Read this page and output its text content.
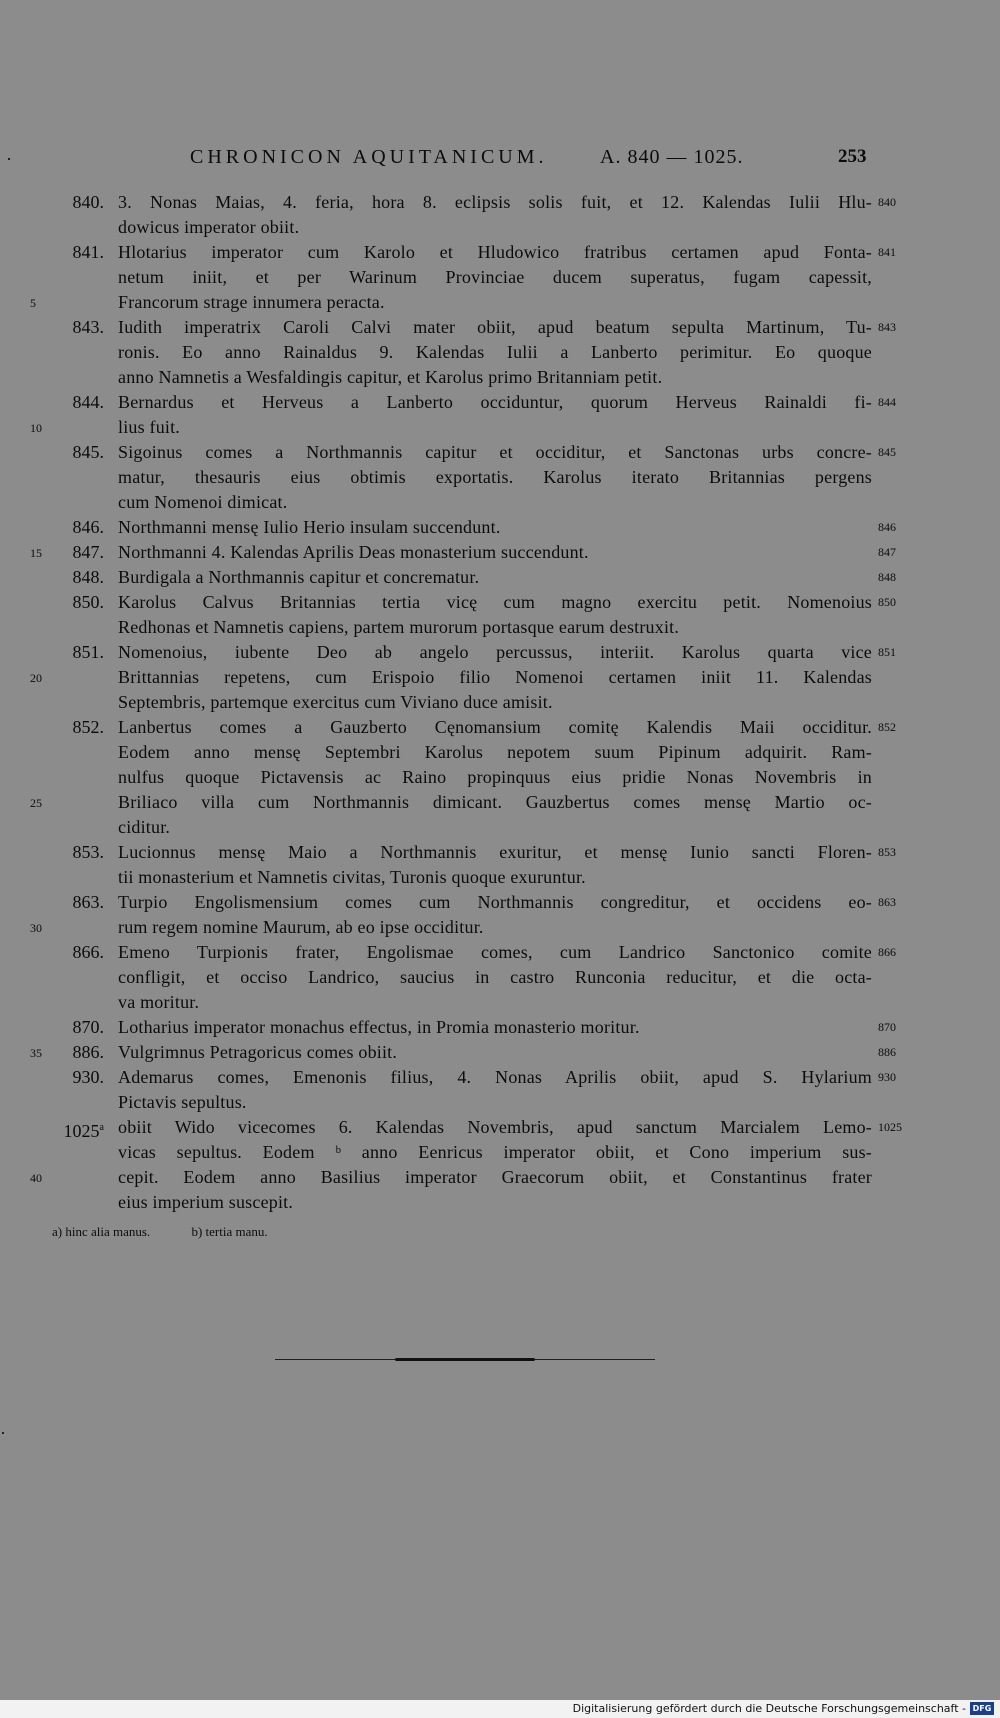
CHRONICON AQUITANICUM.	A. 840 — 1025.	253
840. 3. Nonas Maias, 4. feria, hora 8. eclipsis solis fuit, et 12. Kalendas Iulii Hlu-
dowicus imperator obiit.
840
841. Hlotarius imperator cum Karolo et Hludowico fratribus certamen apud Fonta-
netum iniit, et per Warinum Provinciae ducem superatus, fugam capessit,
Francorum strage innumera peracta.
841
843. Iudith imperatrix Caroli Calvi mater obiit, apud beatum sepulta Martinum, Tu-
ronis. Eo anno Rainaldus 9. Kalendas Iulii a Lanberto perimitur. Eo quoque
anno Namnetis a Wesfaldingis capitur, et Karolus primo Britanniam petit.
843
844. Bernardus et Herveus a Lanberto occiduntur, quorum Herveus Rainaldi fi-
lius fuit.
844
845. Sigoinus comes a Northmannis capitur et occiditur, et Sanctonas urbs concre-
matur, thesauris eius obtimis exportatis. Karolus iterato Britannias pergens
cum Nomenoi dimicat.
845
846. Northmanni mensę Iulio Herio insulam succendunt.	846
847. Northmanni 4. Kalendas Aprilis Deas monasterium succendunt.	847
848. Burdigala a Northmannis capitur et concrematur.	848
850. Karolus Calvus Britannias tertia vicę cum magno exercitu petit. Nomenoius
Redhonas et Namnetis capiens, partem murorum portasque earum destruxit.
850
851. Nomenoius, iubente Deo ab angelo percussus, interiit. Karolus quarta vice
Brittannias repetens, cum Erispoio filio Nomenoi certamen iniit 11. Kalendas
Septembris, partemque exercitus cum Viviano duce amisit.
851
852. Lanbertus comes a Gauzberto Cęnomansium comitę Kalendis Maii occiditur.
Eodem anno mensę Septembri Karolus nepotem suum Pipinum adquirit. Ram-
nulfus quoque Pictavensis ac Raino propinquus eius pridie Nonas Novembris in
Briliaco villa cum Northmannis dimicant. Gauzbertus comes mensę Martio oc-
ciditur.
852
853. Lucionnus mensę Maio a Northmannis exuritur, et mensę Iunio sancti Floren-
tii monasterium et Namnetis civitas, Turonis quoque exuruntur.
853
863. Turpio Engolismensium comes cum Northmannis congreditur, et occidens eo-
rum regem nomine Maurum, ab eo ipse occiditur.
863
866. Emeno Turpionis frater, Engolismae comes, cum Landrico Sanctonico comite
confligit, et occiso Landrico, saucius in castro Runconia reducitur, et die octa-
va moritur.
866
870. Lotharius imperator monachus effectus, in Promia monasterio moritur.	870
886. Vulgrimnus Petragoricus comes obiit.	886
930. Ademarus comes, Emenonis filius, 4. Nonas Aprilis obiit, apud S. Hylarium
Pictavis sepultus.
930
1025$^a$ obiit Wido vicecomes 6. Kalendas Novembris, apud sanctum Marcialem Lemo-
vicas sepultus. Eodem ᵇ anno Eenricus imperator obiit, et Cono imperium sus-
cepit. Eodem anno Basilius imperator Graecorum obiit, et Constantinus frater
eius imperium suscepit.
1025
5
10
15
20
25
30
35
40
a) hinc alia manus.	b) tertia manu.
Digitalisierung gefördert durch die Deutsche Forschungsgemeinschaft - DFG
